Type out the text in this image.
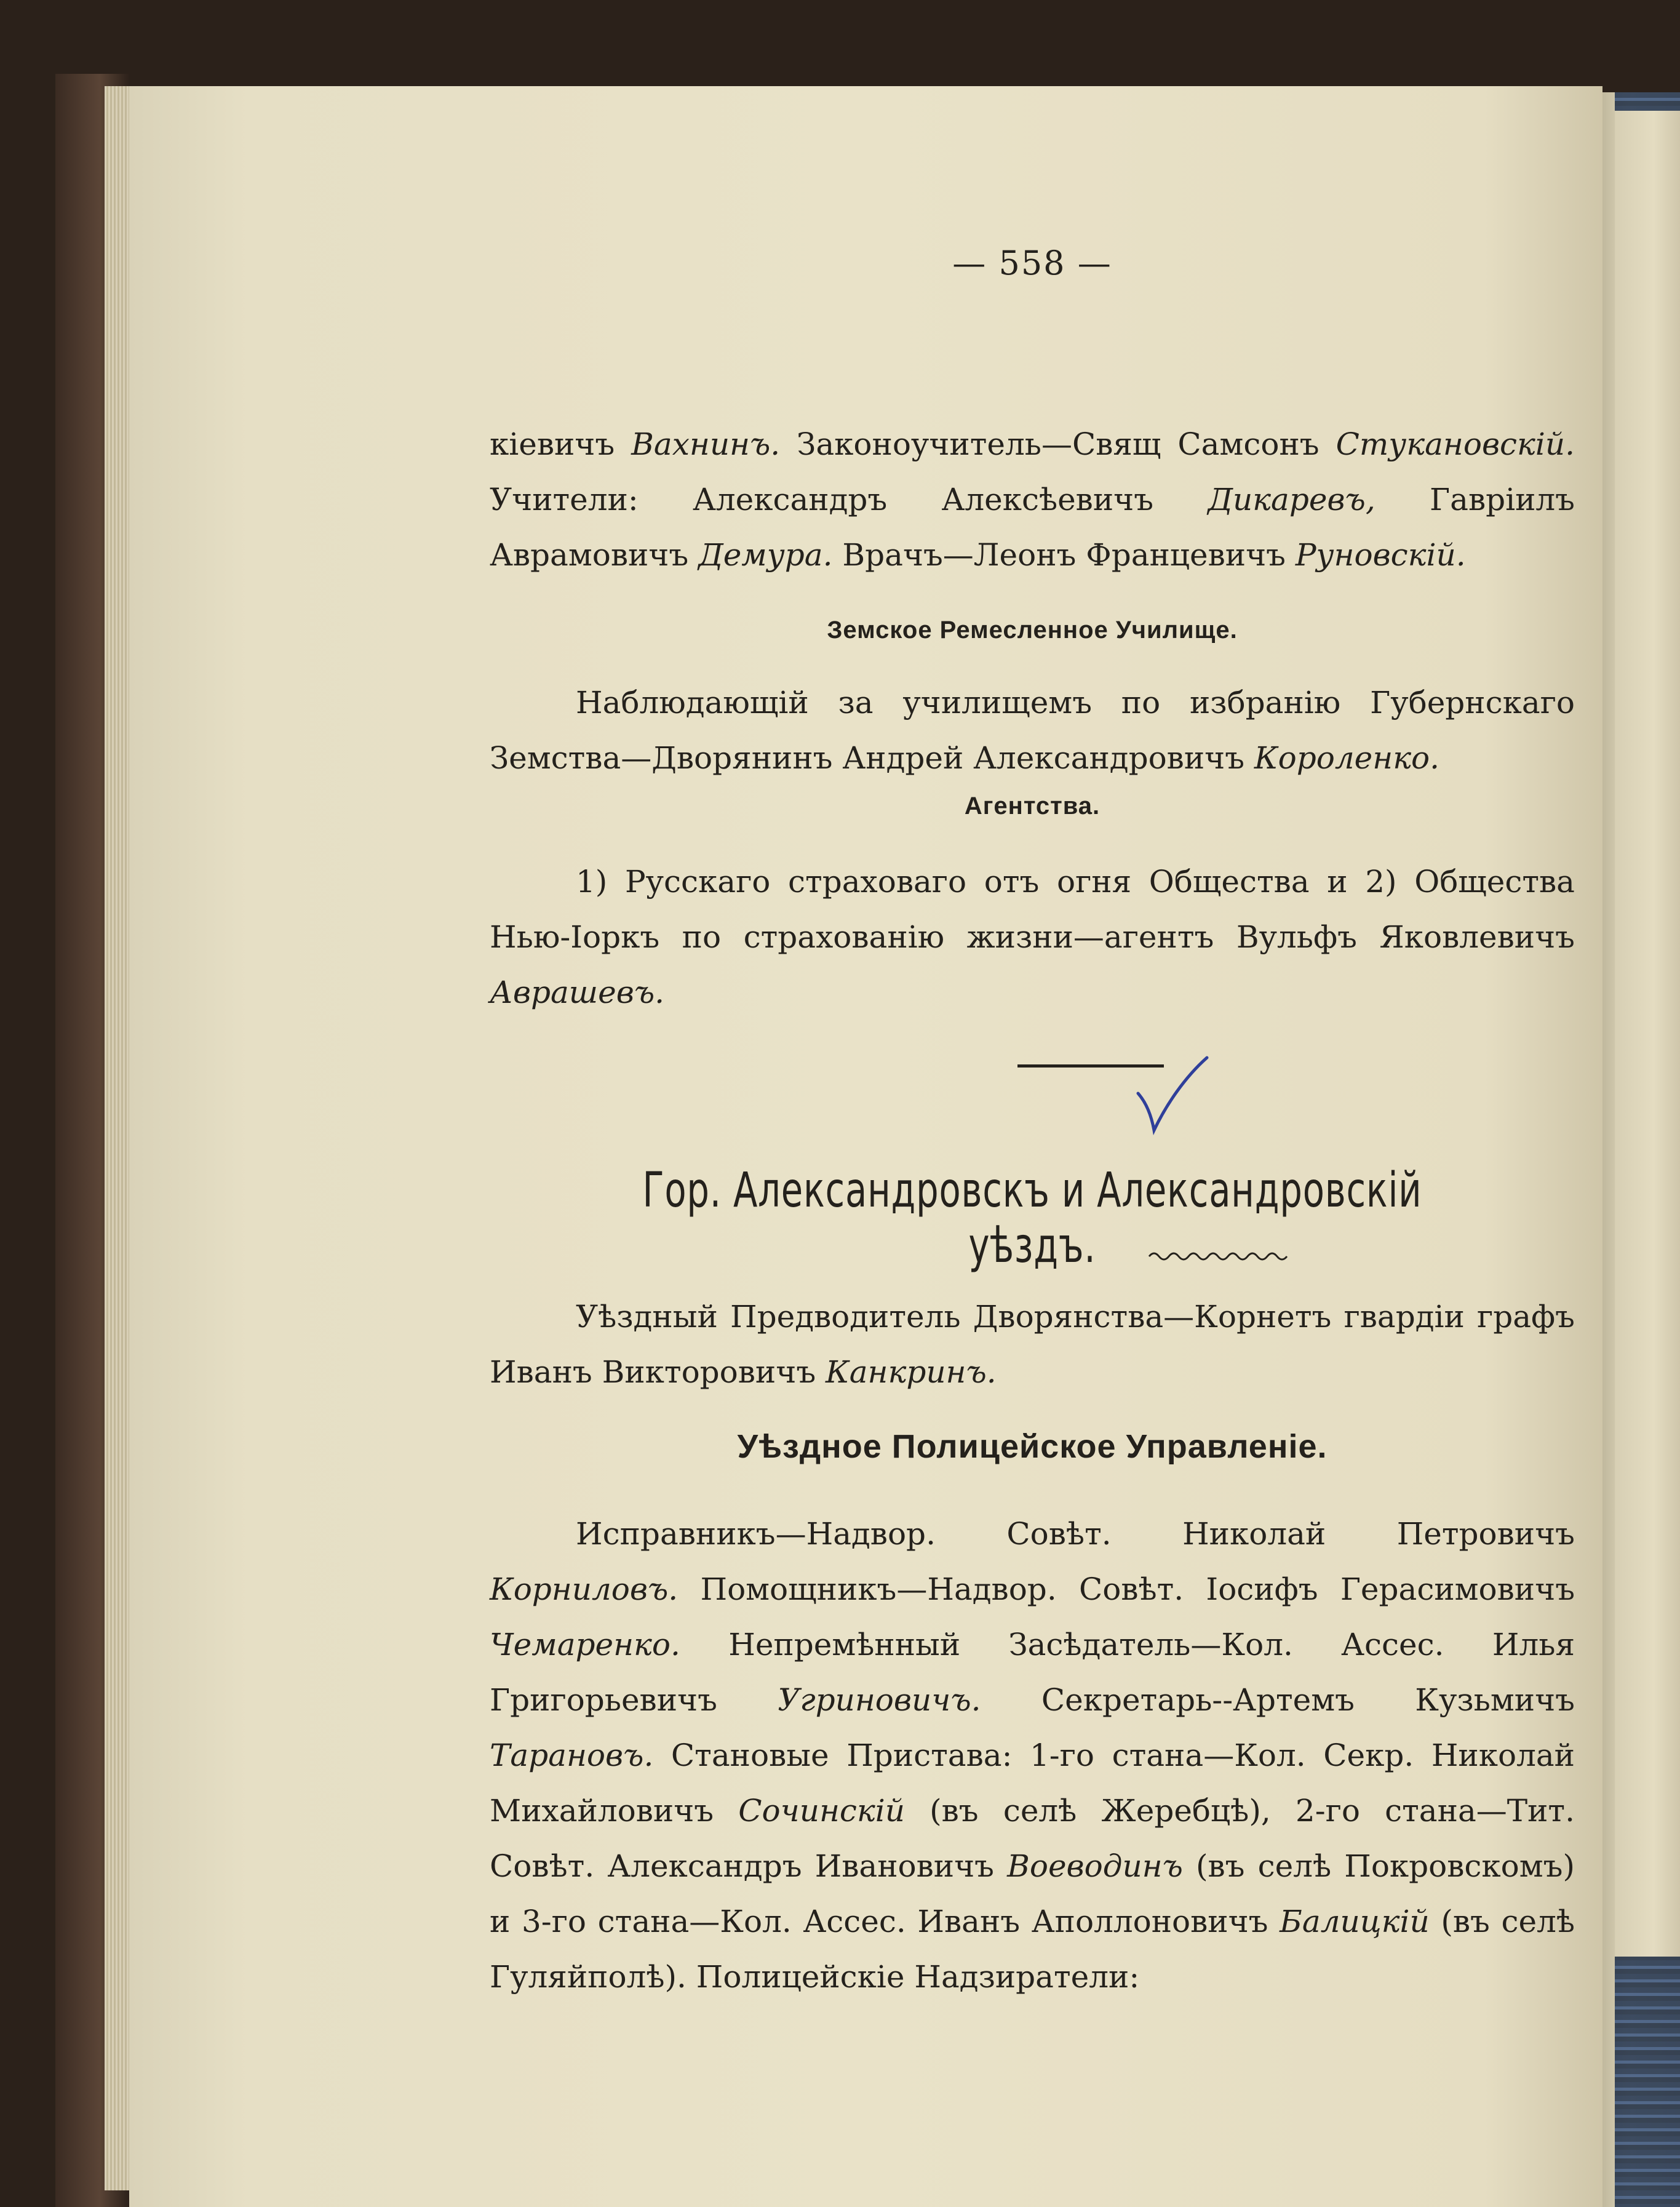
— 558 —

кіевичъ Вахнинъ. Законоучитель—Свящ Самсонъ Стукановскій. Учители: Александръ Алексѣевичъ Дикаревъ, Гавріилъ Аврамовичъ Демура. Врачъ—Леонъ Францевичъ Руновскій.

Земское Ремесленное Училище.

Наблюдающій за училищемъ по избранію Губернскаго Земства—Дворянинъ Андрей Александровичъ Короленко.

Агентства.

1) Русскаго страховаго отъ огня Общества и 2) Общества Нью-Іоркъ по страхованію жизни—агентъ Вульфъ Яковлевичъ Аврашевъ.

Гор. Александровскъ и Александровскій уѣздъ.

Уѣздный Предводитель Дворянства—Корнетъ гвардіи графъ Иванъ Викторовичъ Канкринъ.

Уѣздное Полицейское Управленіе.

Исправникъ—Надвор. Совѣт. Николай Петровичъ Корниловъ. Помощникъ—Надвор. Совѣт. Іосифъ Герасимовичъ Чемаренко. Непремѣнный Засѣдатель—Кол. Ассес. Илья Григорьевичъ Угриновичъ. Секретарь--Артемъ Кузьмичъ Тарановъ. Становые Пристава: 1-го стана—Кол. Секр. Николай Михайловичъ Сочинскій (въ селѣ Жеребцѣ), 2-го стана—Тит. Совѣт. Александръ Ивановичъ Воеводинъ (въ селѣ Покровскомъ) и 3-го стана—Кол. Ассес. Иванъ Аполлоновичъ Балицкій (въ селѣ Гуляйполѣ). Полицейскіе Надзиратели:
